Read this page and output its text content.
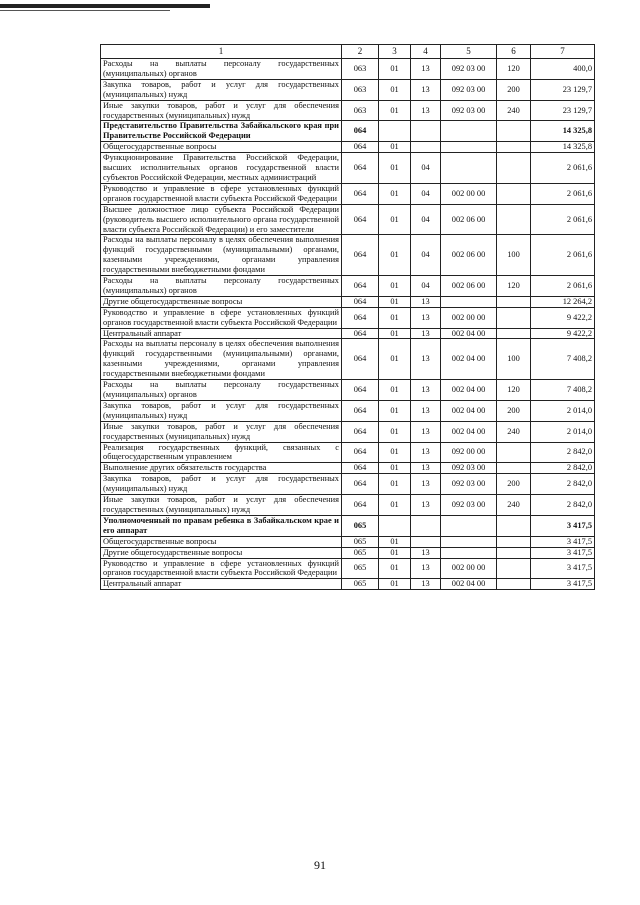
1	2	3	4	5	6	7
Расходы на выплаты персоналу государственных (муниципальных) органов	063	01	13	092 03 00	120	400,0
Закупка товаров, работ и услуг для государственных (муниципальных) нужд	063	01	13	092 03 00	200	23 129,7
Иные закупки товаров, работ и услуг для обеспечения государственных (муниципальных) нужд	063	01	13	092 03 00	240	23 129,7
Представительство Правительства Забайкальского края при Правительстве Российской Федерации	064					14 325,8
Общегосударственные вопросы	064	01				14 325,8
Функционирование Правительства Российской Федерации, высших исполнительных органов государственной власти субъектов Российской Федерации, местных администраций	064	01	04			2 061,6
Руководство и управление в сфере установленных функций органов государственной власти субъекта Российской Федерации	064	01	04	002 00 00		2 061,6
Высшее должностное лицо субъекта Российской Федерации (руководитель высшего исполнительного органа государственной власти субъекта Российской Федерации) и его заместители	064	01	04	002 06 00		2 061,6
Расходы на выплаты персоналу в целях обеспечения выполнения функций государственными (муниципальными) органами, казенными учреждениями, органами управления государственными внебюджетными фондами	064	01	04	002 06 00	100	2 061,6
Расходы на выплаты персоналу государственных (муниципальных) органов	064	01	04	002 06 00	120	2 061,6
Другие общегосударственные вопросы	064	01	13			12 264,2
Руководство и управление в сфере установленных функций органов государственной власти субъекта Российской Федерации	064	01	13	002 00 00		9 422,2
Центральный аппарат	064	01	13	002 04 00		9 422,2
Расходы на выплаты персоналу в целях обеспечения выполнения функций государственными (муниципальными) органами, казенными учреждениями, органами управления государственными внебюджетными фондами	064	01	13	002 04 00	100	7 408,2
Расходы на выплаты персоналу государственных (муниципальных) органов	064	01	13	002 04 00	120	7 408,2
Закупка товаров, работ и услуг для государственных (муниципальных) нужд	064	01	13	002 04 00	200	2 014,0
Иные закупки товаров, работ и услуг для обеспечения государственных (муниципальных) нужд	064	01	13	002 04 00	240	2 014,0
Реализация государственных функций, связанных с общегосударственным управлением	064	01	13	092 00 00		2 842,0
Выполнение других обязательств государства	064	01	13	092 03 00		2 842,0
Закупка товаров, работ и услуг для государственных (муниципальных) нужд	064	01	13	092 03 00	200	2 842,0
Иные закупки товаров, работ и услуг для обеспечения государственных (муниципальных) нужд	064	01	13	092 03 00	240	2 842,0
Уполномоченный по правам ребенка в Забайкальском крае и его аппарат	065					3 417,5
Общегосударственные вопросы	065	01				3 417,5
Другие общегосударственные вопросы	065	01	13			3 417,5
Руководство и управление в сфере установленных функций органов государственной власти субъекта Российской Федерации	065	01	13	002 00 00		3 417,5
Центральный аппарат	065	01	13	002 04 00		3 417,5
91
